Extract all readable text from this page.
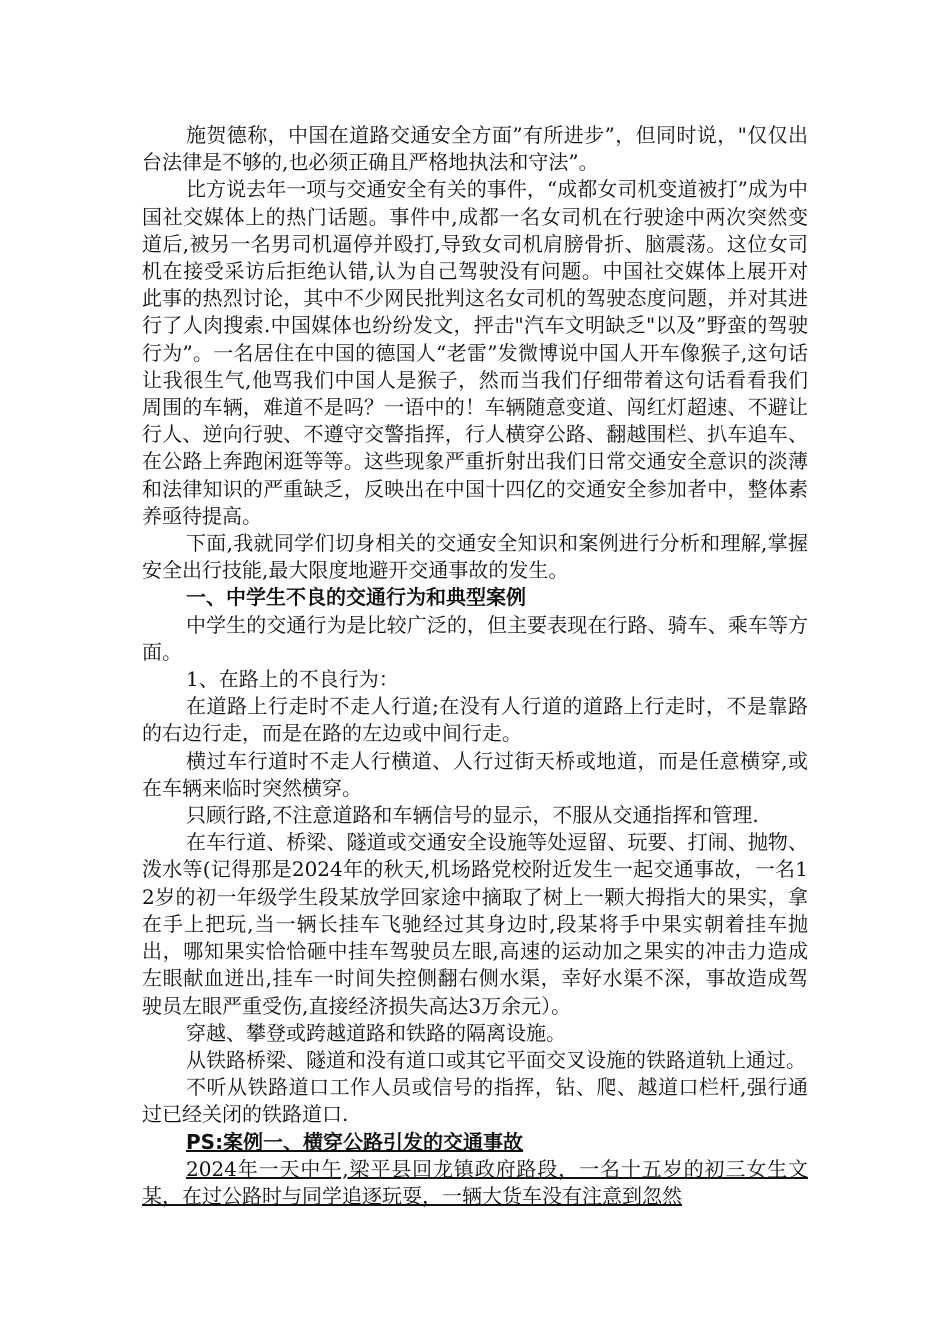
施贺德称，中国在道路交通安全方面”有所进步”，但同时说，"仅仅出台法律是不够的,也必须正确且严格地执法和守法”。

比方说去年一项与交通安全有关的事件，“成都女司机变道被打”成为中国社交媒体上的热门话题。事件中,成都一名女司机在行驶途中两次突然变道后,被另一名男司机逼停并殴打,导致女司机肩膀骨折、脑震荡。这位女司机在接受采访后拒绝认错,认为自己驾驶没有问题。中国社交媒体上展开对此事的热烈讨论，其中不少网民批判这名女司机的驾驶态度问题，并对其进行了人肉搜索.中国媒体也纷纷发文，抨击"汽车文明缺乏"以及”野蛮的驾驶行为”。一名居住在中国的德国人“老雷”发微博说中国人开车像猴子,这句话让我很生气,他骂我们中国人是猴子，然而当我们仔细带着这句话看看我们周围的车辆，难道不是吗？一语中的！车辆随意变道、闯红灯超速、不避让行人、逆向行驶、不遵守交警指挥，行人横穿公路、翻越围栏、扒车追车、在公路上奔跑闲逛等等。这些现象严重折射出我们日常交通安全意识的淡薄和法律知识的严重缺乏，反映出在中国十四亿的交通安全参加者中，整体素养亟待提高。

下面,我就同学们切身相关的交通安全知识和案例进行分析和理解,掌握安全出行技能,最大限度地避开交通事故的发生。

一、中学生不良的交通行为和典型案例

中学生的交通行为是比较广泛的，但主要表现在行路、骑车、乘车等方面。

1、在路上的不良行为：

在道路上行走时不走人行道;在没有人行道的道路上行走时，不是靠路的右边行走，而是在路的左边或中间行走。

横过车行道时不走人行横道、人行过街天桥或地道，而是任意横穿,或在车辆来临时突然横穿。

只顾行路,不注意道路和车辆信号的显示，不服从交通指挥和管理.

在车行道、桥梁、隧道或交通安全设施等处逗留、玩要、打闹、抛物、泼水等(记得那是2024年的秋天,机场路党校附近发生一起交通事故，一名12岁的初一年级学生段某放学回家途中摘取了树上一颗大拇指大的果实，拿在手上把玩,当一辆长挂车飞驰经过其身边时,段某将手中果实朝着挂车抛出，哪知果实恰恰砸中挂车驾驶员左眼,高速的运动加之果实的冲击力造成左眼献血迸出,挂车一时间失控侧翻右侧水渠，幸好水渠不深，事故造成驾驶员左眼严重受伤,直接经济损失高达3万余元）。

穿越、攀登或跨越道路和铁路的隔离设施。

从铁路桥梁、隧道和没有道口或其它平面交叉设施的铁路道轨上通过。

不听从铁路道口工作人员或信号的指挥，钻、爬、越道口栏杆,强行通过已经关闭的铁路道口.

PS:案例一、横穿公路引发的交通事故

2024年一天中午,梁平县回龙镇政府路段，一名十五岁的初三女生文某，在过公路时与同学追逐玩耍，一辆大货车没有注意到忽然
